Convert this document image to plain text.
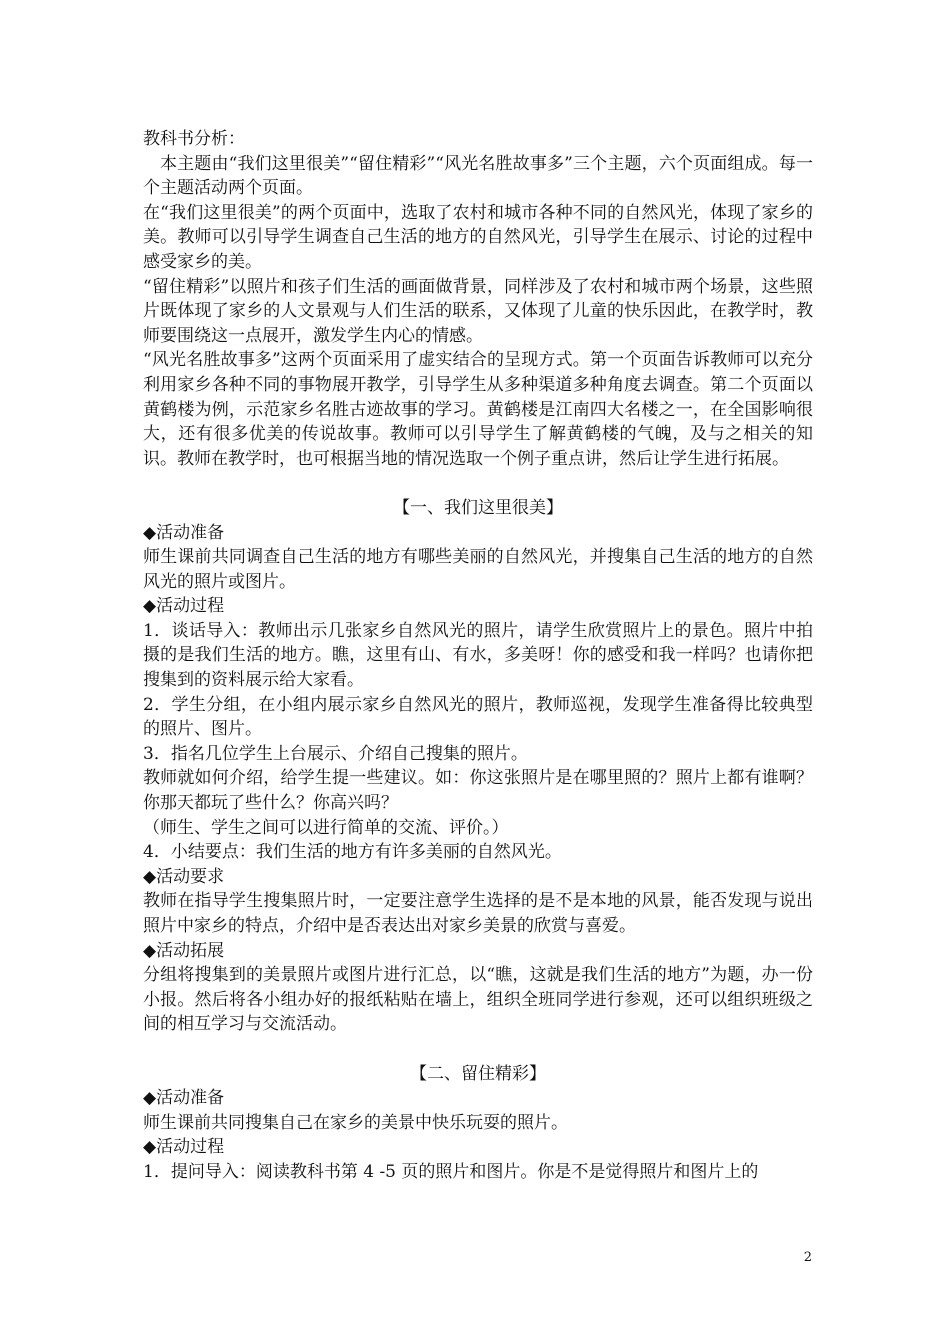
教科书分析：

本主题由“我们这里很美”“留住精彩”“风光名胜故事多”三个主题，六个页面组成。每一个主题活动两个页面。

在“我们这里很美”的两个页面中，选取了农村和城市各种不同的自然风光，体现了家乡的美。教师可以引导学生调查自己生活的地方的自然风光，引导学生在展示、讨论的过程中感受家乡的美。

“留住精彩”以照片和孩子们生活的画面做背景，同样涉及了农村和城市两个场景，这些照片既体现了家乡的人文景观与人们生活的联系，又体现了儿童的快乐因此，在教学时，教师要围绕这一点展开，激发学生内心的情感。

“风光名胜故事多”这两个页面采用了虚实结合的呈现方式。第一个页面告诉教师可以充分利用家乡各种不同的事物展开教学，引导学生从多种渠道多种角度去调查。第二个页面以黄鹤楼为例，示范家乡名胜古迹故事的学习。黄鹤楼是江南四大名楼之一，在全国影响很大，还有很多优美的传说故事。教师可以引导学生了解黄鹤楼的气魄，及与之相关的知识。教师在教学时，也可根据当地的情况选取一个例子重点讲，然后让学生进行拓展。

【一、我们这里很美】

◆活动准备

师生课前共同调查自己生活的地方有哪些美丽的自然风光，并搜集自己生活的地方的自然风光的照片或图片。

◆活动过程

1．谈话导入：教师出示几张家乡自然风光的照片，请学生欣赏照片上的景色。照片中拍摄的是我们生活的地方。瞧，这里有山、有水，多美呀！你的感受和我一样吗？也请你把搜集到的资料展示给大家看。

2．学生分组，在小组内展示家乡自然风光的照片，教师巡视，发现学生准备得比较典型的照片、图片。

3．指名几位学生上台展示、介绍自己搜集的照片。

教师就如何介绍，给学生提一些建议。如：你这张照片是在哪里照的？照片上都有谁啊？你那天都玩了些什么？你高兴吗？

（师生、学生之间可以进行简单的交流、评价。）

4．小结要点：我们生活的地方有许多美丽的自然风光。

◆活动要求

教师在指导学生搜集照片时，一定要注意学生选择的是不是本地的风景，能否发现与说出照片中家乡的特点，介绍中是否表达出对家乡美景的欣赏与喜爱。

◆活动拓展

分组将搜集到的美景照片或图片进行汇总，以“瞧，这就是我们生活的地方”为题，办一份小报。然后将各小组办好的报纸粘贴在墙上，组织全班同学进行参观，还可以组织班级之间的相互学习与交流活动。

【二、留住精彩】

◆活动准备

师生课前共同搜集自己在家乡的美景中快乐玩耍的照片。

◆活动过程

1．提问导入：阅读教科书第 4 -5 页的照片和图片。你是不是觉得照片和图片上的

2
